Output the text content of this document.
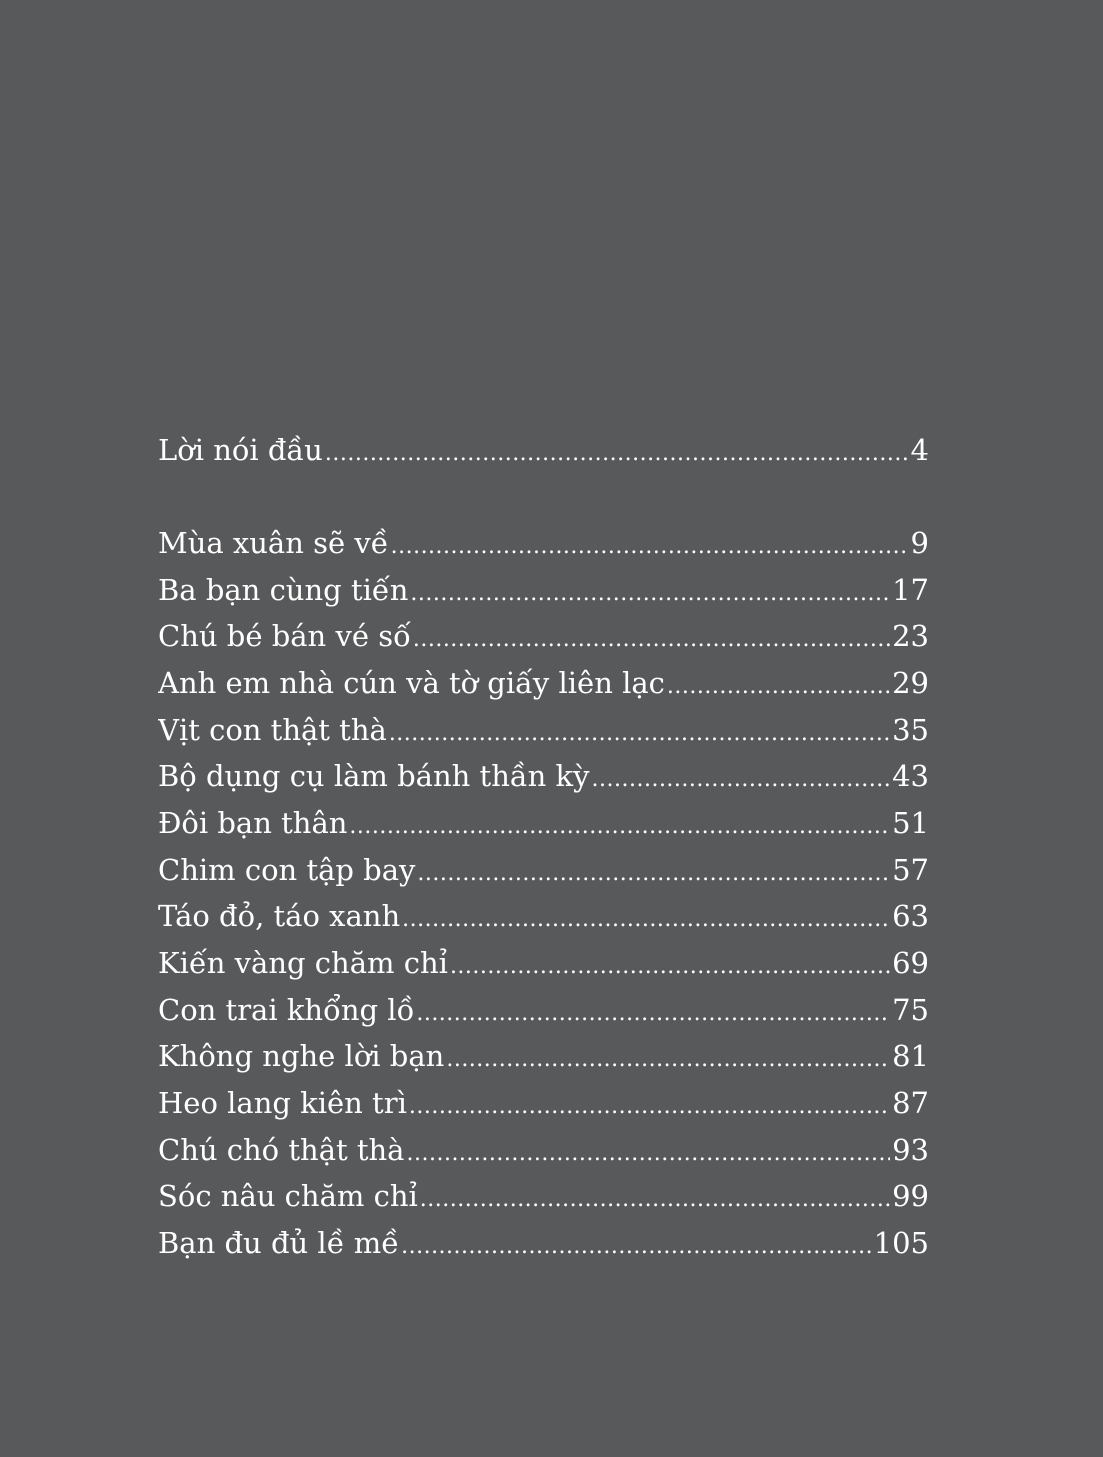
Lời nói đầu .....	4
Mùa xuân sẽ về .....	9
Ba bạn cùng tiến .....	17
Chú bé bán vé số .....	23
Anh em nhà cún và tờ giấy liên lạc .....	29
Vịt con thật thà .....	35
Bộ dụng cụ làm bánh thần kỳ .....	43
Đôi bạn thân .....	51
Chim con tập bay .....	57
Táo đỏ, táo xanh .....	63
Kiến vàng chăm chỉ .....	69
Con trai khổng lồ .....	75
Không nghe lời bạn .....	81
Heo lang kiên trì .....	87
Chú chó thật thà .....	93
Sóc nâu chăm chỉ .....	99
Bạn đu đủ lề mề .....	105
